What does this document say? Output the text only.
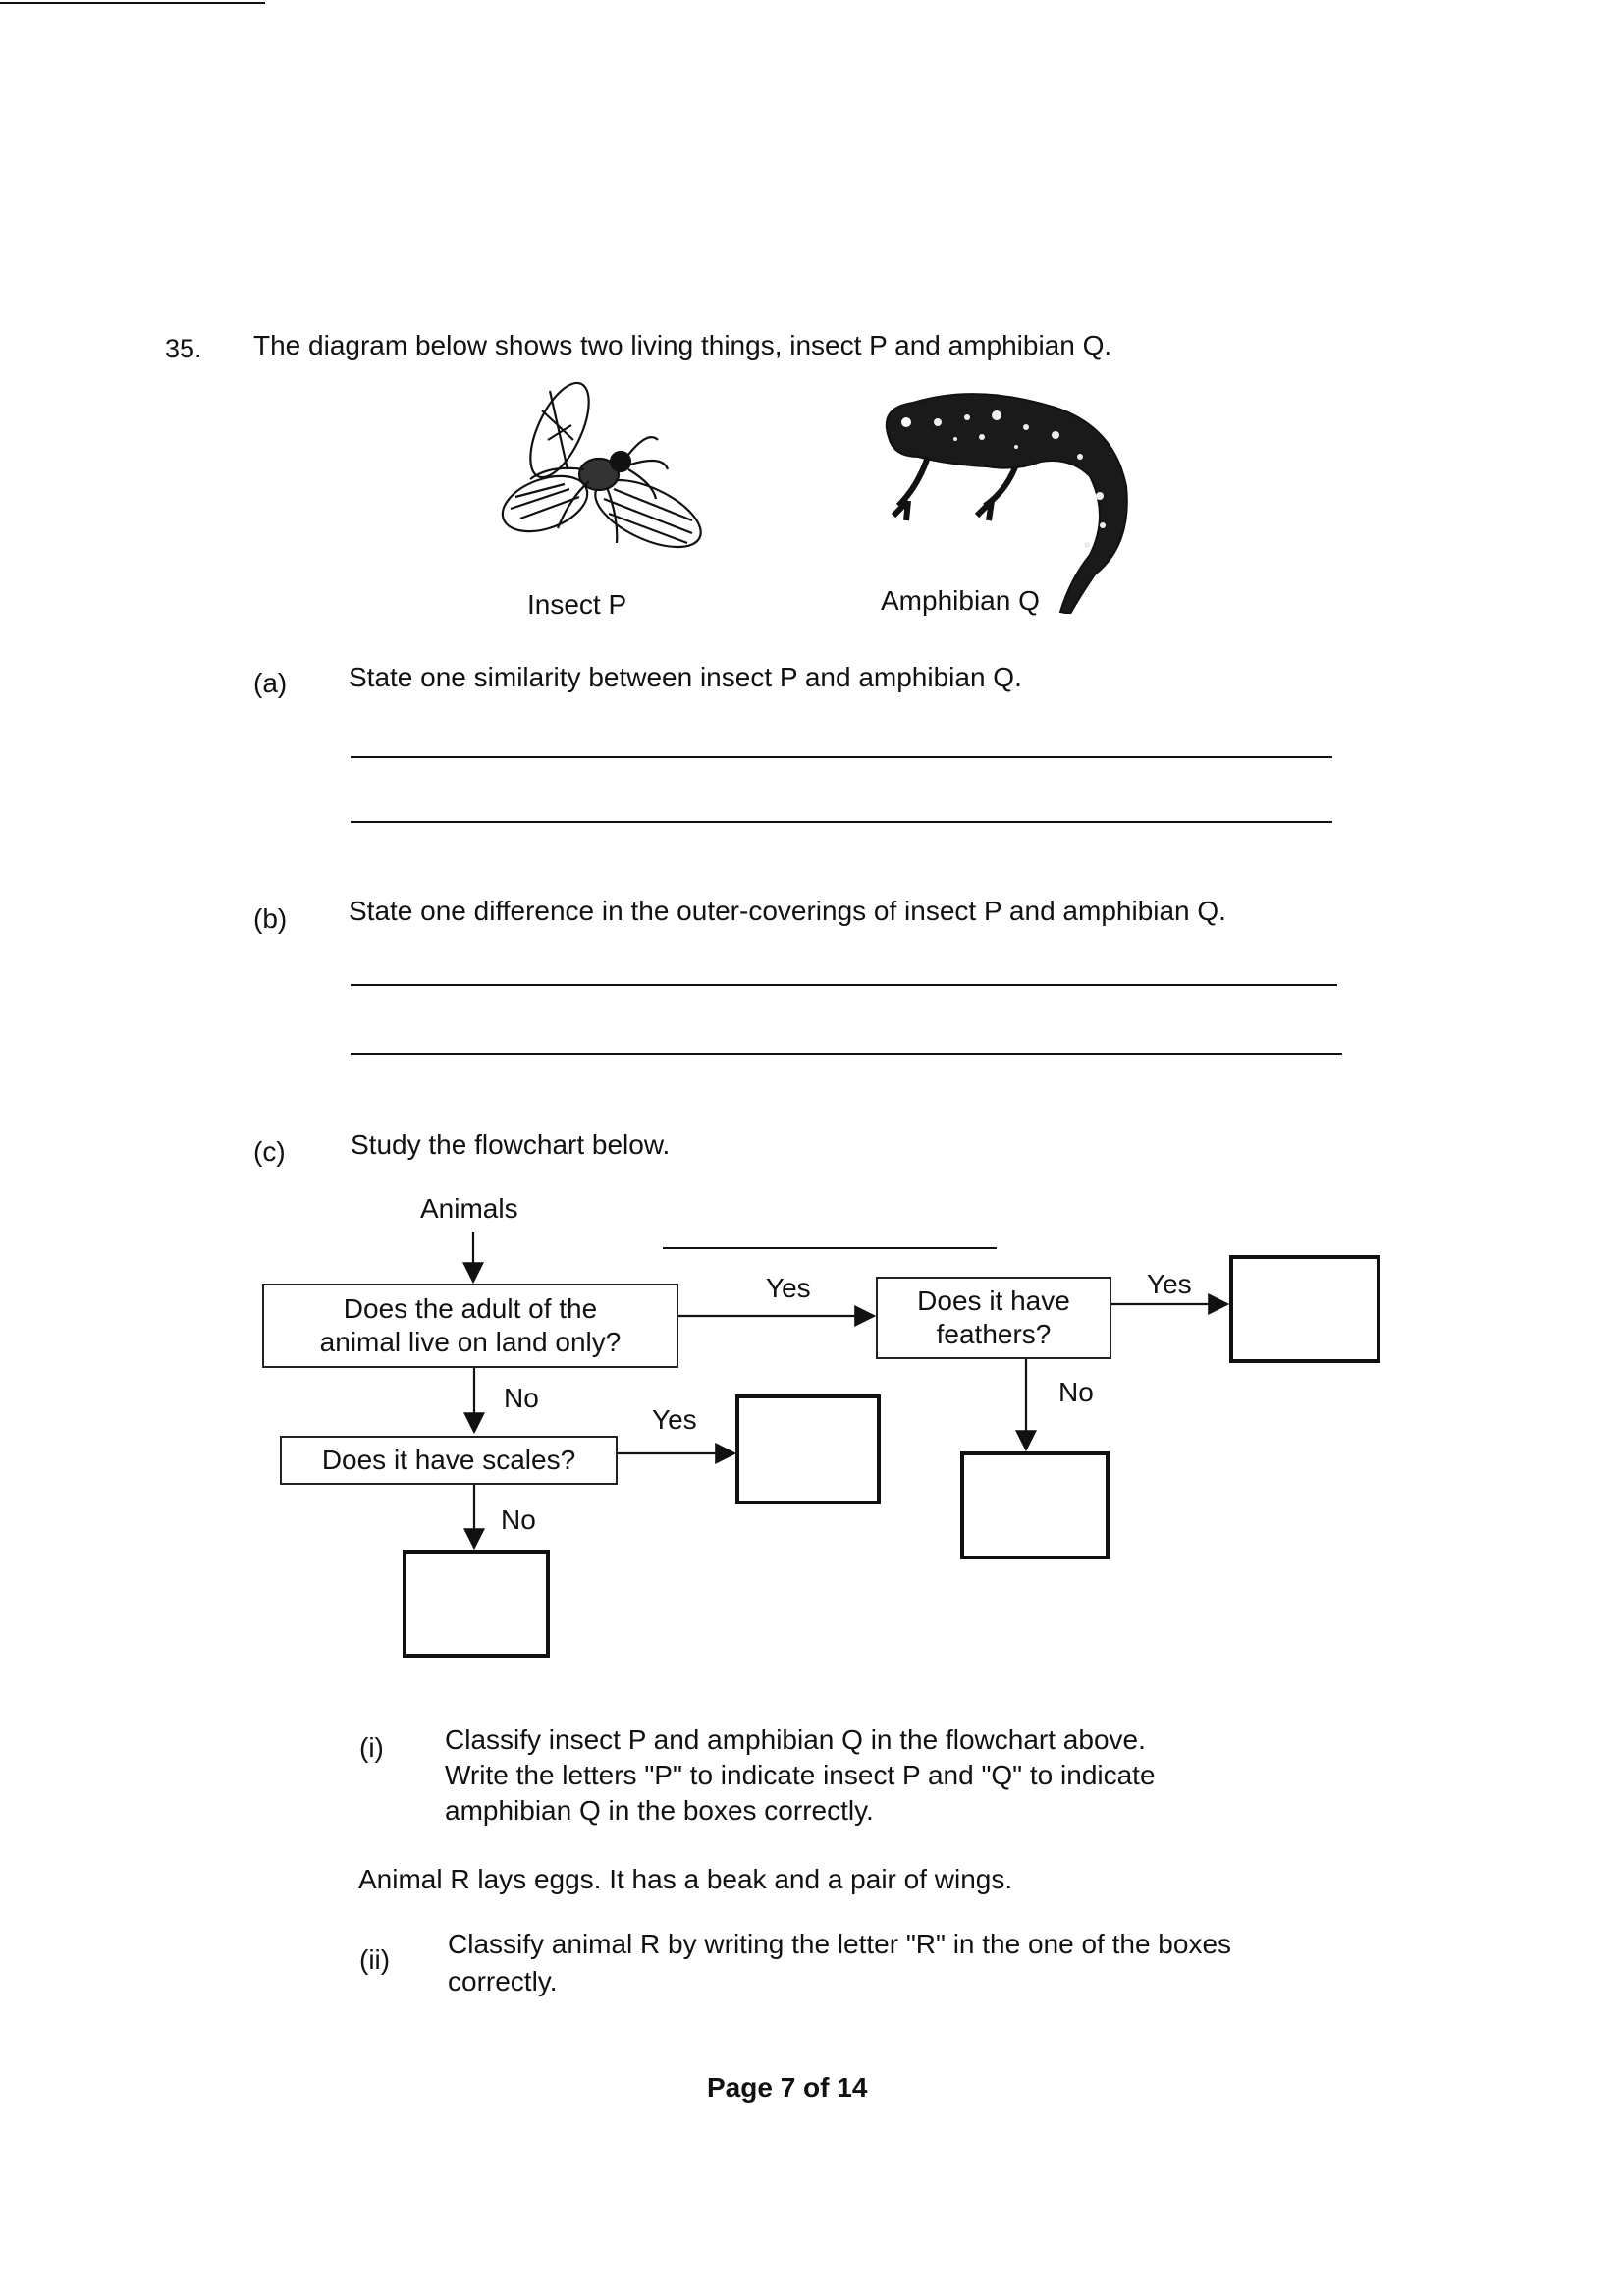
35. The diagram below shows two living things, insect P and amphibian Q.
Insect P	Amphibian Q
(a) State one similarity between insect P and amphibian Q.
(b) State one difference in the outer-coverings of insect P and amphibian Q.
(c) Study the flowchart below.
Animals
Does the adult of the
animal live on land only?
Yes	Does it have
feathers?
Yes
No	No
Does it have scales?
Yes
No
(i) Classify insect P and amphibian Q in the flowchart above.
Write the letters "P" to indicate insect P and "Q" to indicate
amphibian Q in the boxes correctly.
Animal R lays eggs. It has a beak and a pair of wings.
(ii)
Classify animal R by writing the letter "R" in the one of the boxes
correctly.
Page 7 of 14
